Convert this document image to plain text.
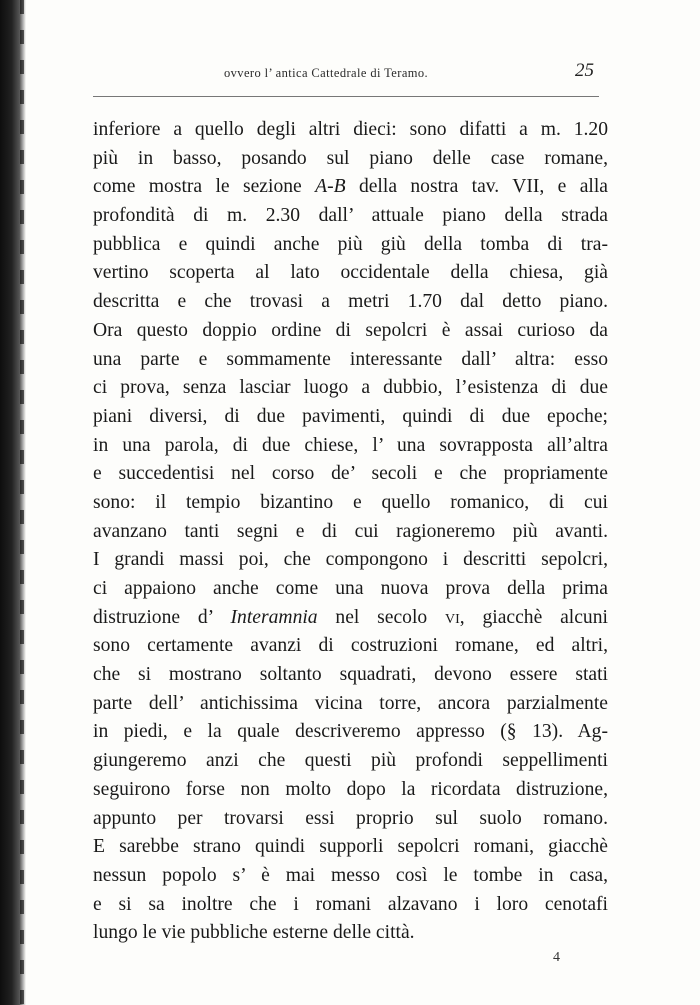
ovvero l’ antica Cattedrale di Teramo.	25
inferiore a quello degli altri dieci: sono difatti a m. 1.20
più in basso, posando sul piano delle case romane,
come mostra le sezione A-B della nostra tav. VII, e alla
profondità di m. 2.30 dall’ attuale piano della strada
pubblica e quindi anche più giù della tomba di tra-
vertino scoperta al lato occidentale della chiesa, già
descritta e che trovasi a metri 1.70 dal detto piano.
Ora questo doppio ordine di sepolcri è assai curioso da
una parte e sommamente interessante dall’ altra: esso
ci prova, senza lasciar luogo a dubbio, l’esistenza di due
piani diversi, di due pavimenti, quindi di due epoche;
in una parola, di due chiese, l’ una sovrapposta all’altra
e succedentisi nel corso de’ secoli e che propriamente
sono: il tempio bizantino e quello romanico, di cui
avanzano tanti segni e di cui ragioneremo più avanti.
I grandi massi poi, che compongono i descritti sepolcri,
ci appaiono anche come una nuova prova della prima
distruzione d’ Interamnia nel secolo vi, giacchè alcuni
sono certamente avanzi di costruzioni romane, ed altri,
che si mostrano soltanto squadrati, devono essere stati
parte dell’ antichissima vicina torre, ancora parzialmente
in piedi, e la quale descriveremo appresso (§ 13). Ag-
giungeremo anzi che questi più profondi seppellimenti
seguirono forse non molto dopo la ricordata distruzione,
appunto per trovarsi essi proprio sul suolo romano.
E sarebbe strano quindi supporli sepolcri romani, giacchè
nessun popolo s’ è mai messo così le tombe in casa,
e si sa inoltre che i romani alzavano i loro cenotafi
lungo le vie pubbliche esterne delle città.
4
